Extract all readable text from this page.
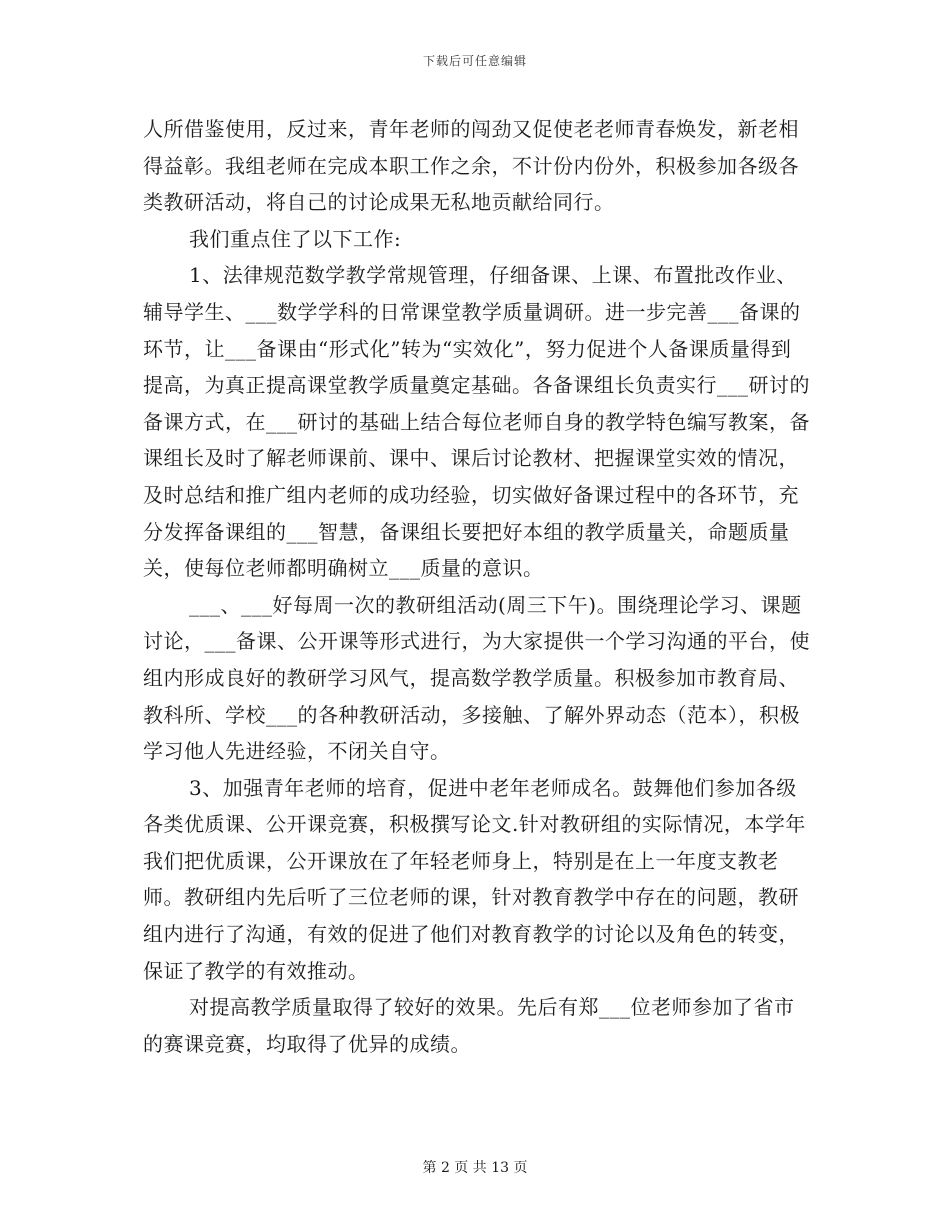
下载后可任意编辑

人所借鉴使用，反过来，青年老师的闯劲又促使老老师青春焕发，新老相得益彰。我组老师在完成本职工作之余，不计份内份外，积极参加各级各类教研活动，将自己的讨论成果无私地贡献给同行。

我们重点住了以下工作:

1、法律规范数学教学常规管理，仔细备课、上课、布置批改作业、辅导学生、___数学学科的日常课堂教学质量调研。进一步完善___备课的环节，让___备课由“形式化”转为“实效化”，努力促进个人备课质量得到提高，为真正提高课堂教学质量奠定基础。各备课组长负责实行___研讨的备课方式，在___研讨的基础上结合每位老师自身的教学特色编写教案，备课组长及时了解老师课前、课中、课后讨论教材、把握课堂实效的情况，及时总结和推广组内老师的成功经验，切实做好备课过程中的各环节，充分发挥备课组的___智慧，备课组长要把好本组的教学质量关，命题质量关，使每位老师都明确树立___质量的意识。

___、___好每周一次的教研组活动(周三下午)。围绕理论学习、课题讨论，___备课、公开课等形式进行，为大家提供一个学习沟通的平台，使组内形成良好的教研学习风气，提高数学教学质量。积极参加市教育局、教科所、学校___的各种教研活动，多接触、了解外界动态（范本），积极学习他人先进经验，不闭关自守。

3、加强青年老师的培育，促进中老年老师成名。鼓舞他们参加各级各类优质课、公开课竞赛，积极撰写论文.针对教研组的实际情况，本学年我们把优质课，公开课放在了年轻老师身上，特别是在上一年度支教老师。教研组内先后听了三位老师的课，针对教育教学中存在的问题，教研组内进行了沟通，有效的促进了他们对教育教学的讨论以及角色的转变，保证了教学的有效推动。

对提高教学质量取得了较好的效果。先后有郑___位老师参加了省市的赛课竞赛，均取得了优异的成绩。

第 2 页 共 13 页
